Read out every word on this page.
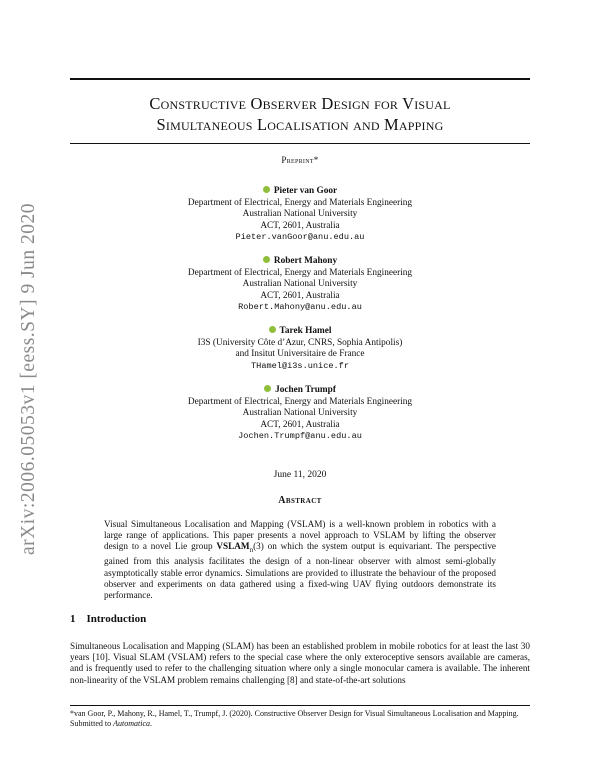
arXiv:2006.05053v1 [eess.SY] 9 Jun 2020
Constructive Observer Design for Visual
Simultaneous Localisation and Mapping
Preprint*
Pieter van Goor
Department of Electrical, Energy and Materials Engineering
Australian National University
ACT, 2601, Australia
Pieter.vanGoor@anu.edu.au
Robert Mahony
Department of Electrical, Energy and Materials Engineering
Australian National University
ACT, 2601, Australia
Robert.Mahony@anu.edu.au
Tarek Hamel
I3S (University Côte d’Azur, CNRS, Sophia Antipolis)
and Insitut Universitaire de France
THamel@i3s.unice.fr
Jochen Trumpf
Department of Electrical, Energy and Materials Engineering
Australian National University
ACT, 2601, Australia
Jochen.Trumpf@anu.edu.au
June 11, 2020
Abstract
Visual Simultaneous Localisation and Mapping (VSLAM) is a well-known problem in robotics with a large range of applications. This paper presents a novel approach to VSLAM by lifting the observer design to a novel Lie group $VSLAM_n(3)$ on which the system output is equivariant. The perspective gained from this analysis facilitates the design of a non-linear observer with almost semi-globally asymptotically stable error dynamics. Simulations are provided to illustrate the behaviour of the proposed observer and experiments on data gathered using a fixed-wing UAV flying outdoors demonstrate its performance.
1 Introduction
Simultaneous Localisation and Mapping (SLAM) has been an established problem in mobile robotics for at least the last 30 years [10]. Visual SLAM (VSLAM) refers to the special case where the only exteroceptive sensors available are cameras, and is frequently used to refer to the challenging situation where only a single monocular camera is available. The inherent non-linearity of the VSLAM problem remains challenging [8] and state-of-the-art solutions
*van Goor, P., Mahony, R., Hamel, T., Trumpf, J. (2020). Constructive Observer Design for Visual Simultaneous Localisation and Mapping. Submitted to Automatica.
